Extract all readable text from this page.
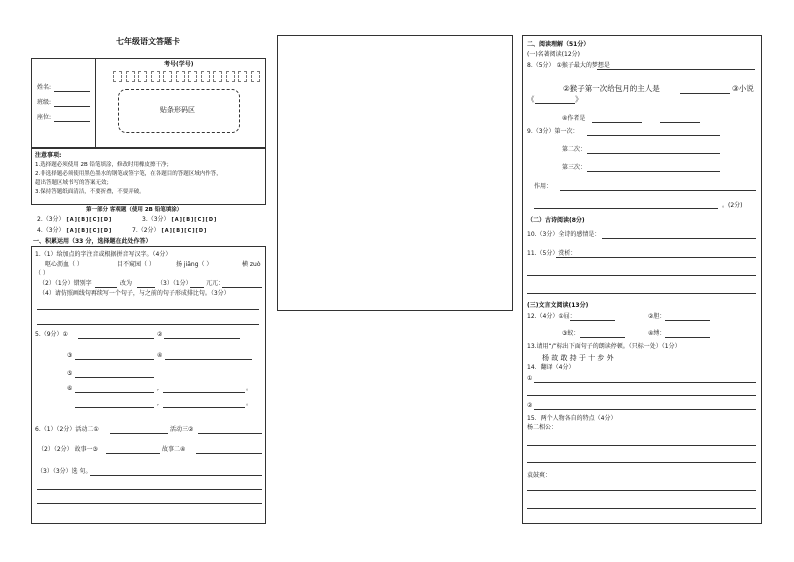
七年级语文答题卡
姓名:
班级:
座位:
考号(学号)
贴条形码区
注意事项:
1.选择题必须使用 2B 铅笔填涂，修改时用橡皮擦干净；
2.非选择题必须使用黑色墨水的钢笔或签字笔，在各题目的答题区域内作答，
超出答题区域书写的答案无效；
3.保持答题纸面清洁，不要折叠，不要弄破。
第一部分 客观题（使用 2B 铅笔填涂）
2.（3分） [A][B][C][D]	3.（3分） [A][B][C][D]
4.（3分） [A][B][C][D]	7.（2分） [A][B][C][D]
一、积累运用（33 分，选择题在此处作答）
1.（1）给加点的字注音或根据拼音写汉字。（4分）
呕心沥血（ ）	目不窥园（ ）	扬 jiāng（ ）	横 zuò
（ ）
（2）（1分）错别字	改为	（3）（1分） 兀兀：
（4）请仿照画线句再续写一个句子，与之前的句子形成排比句。（3分）
5.（9分）①	②
③	④
⑤
⑥	,	。
,	。
6.（1）（2分）活动二①	活动三②
（2）（2分） 故事一③	故事二④
（3）（3分）选 句。
二、阅读理解（51分）
(一)名著阅读(12分)
8.（5分） ①猴子最大的梦想是
②猴子第一次给包月的主人是	③小说
《	》
④作者是
9.（3分）第一次：
第二次：
第三次：
作用：
。(2分)
（二）古诗阅读(8分)
10.（3分）全诗的感情是：
11.（5分）赏析：
(三)文言文阅读(13分)
12.（4分）①屈：	②胆：
③蚁：	④缚：
13.请用“/”标出下面句子的朗读停顿。（只标一处）（1分）
杨 故 敢 持 于 十 步 外
14．翻译（4分）
①
②
15．两个人物各自的特点（4分）
杨二相公：
袁鼓爽：
